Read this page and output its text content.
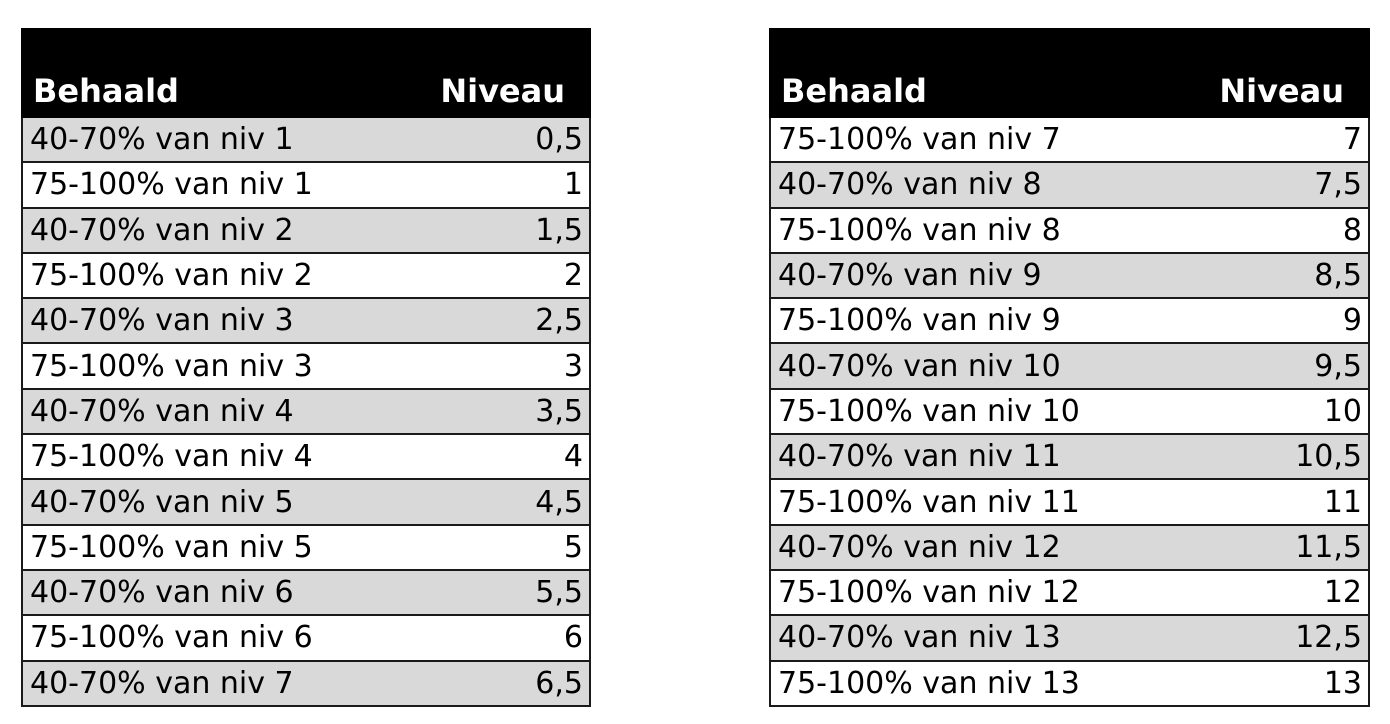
Behaald	Niveau
40-70% van niv 1	0,5
75-100% van niv 1	1
40-70% van niv 2	1,5
75-100% van niv 2	2
40-70% van niv 3	2,5
75-100% van niv 3	3
40-70% van niv 4	3,5
75-100% van niv 4	4
40-70% van niv 5	4,5
75-100% van niv 5	5
40-70% van niv 6	5,5
75-100% van niv 6	6
40-70% van niv 7	6,5
Behaald	Niveau
75-100% van niv 7	7
40-70% van niv 8	7,5
75-100% van niv 8	8
40-70% van niv 9	8,5
75-100% van niv 9	9
40-70% van niv 10	9,5
75-100% van niv 10	10
40-70% van niv 11	10,5
75-100% van niv 11	11
40-70% van niv 12	11,5
75-100% van niv 12	12
40-70% van niv 13	12,5
75-100% van niv 13	13
